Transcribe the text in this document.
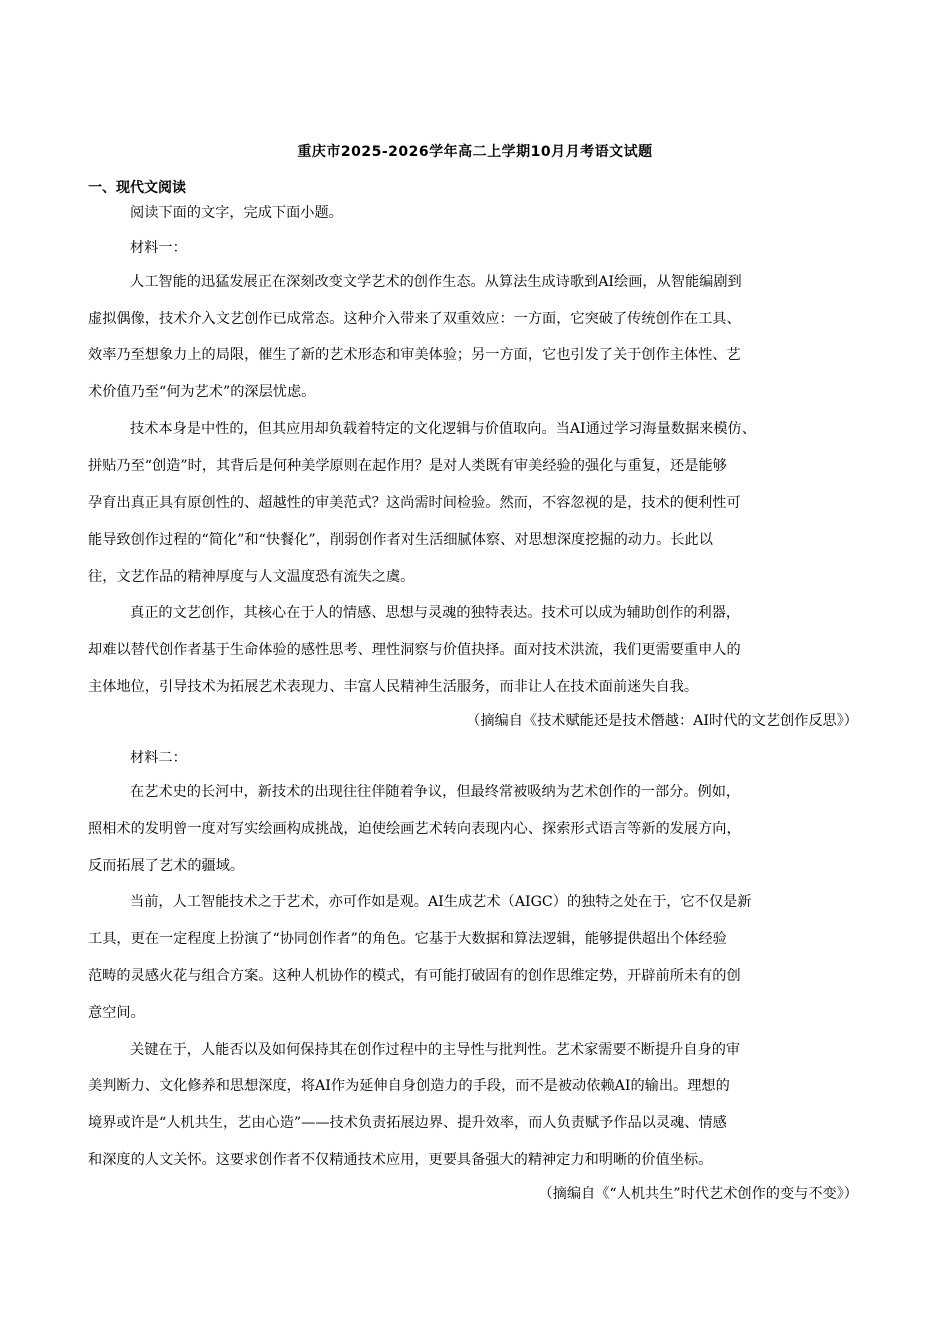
重庆市2025-2026学年高二上学期10月月考语文试题
一、现代文阅读
阅读下面的文字，完成下面小题。
材料一：
人工智能的迅猛发展正在深刻改变文学艺术的创作生态。从算法生成诗歌到AI绘画，从智能编剧到
虚拟偶像，技术介入文艺创作已成常态。这种介入带来了双重效应：一方面，它突破了传统创作在工具、
效率乃至想象力上的局限，催生了新的艺术形态和审美体验；另一方面，它也引发了关于创作主体性、艺
术价值乃至“何为艺术”的深层忧虑。
技术本身是中性的，但其应用却负载着特定的文化逻辑与价值取向。当AI通过学习海量数据来模仿、
拼贴乃至“创造”时，其背后是何种美学原则在起作用？是对人类既有审美经验的强化与重复，还是能够
孕育出真正具有原创性的、超越性的审美范式？这尚需时间检验。然而，不容忽视的是，技术的便利性可
能导致创作过程的“简化”和“快餐化”，削弱创作者对生活细腻体察、对思想深度挖掘的动力。长此以
往，文艺作品的精神厚度与人文温度恐有流失之虞。
真正的文艺创作，其核心在于人的情感、思想与灵魂的独特表达。技术可以成为辅助创作的利器，
却难以替代创作者基于生命体验的感性思考、理性洞察与价值抉择。面对技术洪流，我们更需要重申人的
主体地位，引导技术为拓展艺术表现力、丰富人民精神生活服务，而非让人在技术面前迷失自我。
（摘编自《技术赋能还是技术僭越：AI时代的文艺创作反思》）
材料二：
在艺术史的长河中，新技术的出现往往伴随着争议，但最终常被吸纳为艺术创作的一部分。例如，
照相术的发明曾一度对写实绘画构成挑战，迫使绘画艺术转向表现内心、探索形式语言等新的发展方向，
反而拓展了艺术的疆域。
当前，人工智能技术之于艺术，亦可作如是观。AI生成艺术（AIGC）的独特之处在于，它不仅是新
工具，更在一定程度上扮演了“协同创作者”的角色。它基于大数据和算法逻辑，能够提供超出个体经验
范畴的灵感火花与组合方案。这种人机协作的模式，有可能打破固有的创作思维定势，开辟前所未有的创
意空间。
关键在于，人能否以及如何保持其在创作过程中的主导性与批判性。艺术家需要不断提升自身的审
美判断力、文化修养和思想深度，将AI作为延伸自身创造力的手段，而不是被动依赖AI的输出。理想的
境界或许是“人机共生，艺由心造”——技术负责拓展边界、提升效率，而人负责赋予作品以灵魂、情感
和深度的人文关怀。这要求创作者不仅精通技术应用，更要具备强大的精神定力和明晰的价值坐标。
（摘编自《“人机共生”时代艺术创作的变与不变》）
